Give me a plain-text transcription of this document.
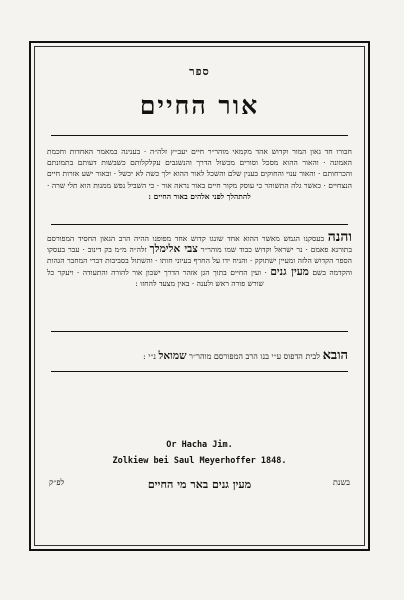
ספר
אור החיים
חבורו חד גאון המור וקדוש אהד מקמאי מוהר״ר חיים יעב״ץ זלה״ה · בענינה במאמר האחדות וחכמת האמונה · והאור ההוא מסכל וסורים מכשול הדרך והנשגבים עקלקלותם כשבשות דעותם בתמונתם והכרחותם · והאור ענוי והחוקים בענין שלם והשכל לאור ההוא ילך כשה לא יכשל · ובאור ישע אזרות חיים הנצחיים · כאשר גלה התשוהר כי עוסק מקור חיים באור נראה אור · כי השביל נפש ממנות הוא תלי שרה · להתהלך לפני אלהים באור החיים :
והנה בעסקנו הגמש מאשר ההוא אחד שונגו קדוש אחד מפופנו ההיה הרב הגאון החסיד המפורסם בתורנא פאמם · נר ישראל וקדוש כבוד שמו מוהר״ר צבי אלימלך זלה״ה מ״מ בק דינוב · עבר בעסקו הספר הקדוש הלזה ומעיין ישתוקק · והניח ידו על החרף בעיוני חותו · והשתול בסביבות דברי המחבר הגהות והקדמה בשם מעין גנים · ועין החיים בתוך הגן אזהר הדרך ישכון אור להורה והתעודה · ויעקר כל שורש פורה ראש ולענה · באין מצעד להחזו :
הובא לבית הדפוס ע״י בנו הרב המפורסם מוהר״ר שמואל נ״י :
Or Hacha Jim.
Zolkiew bei Saul Meyerhoffer 1848.
בשנת
מעין גנים באר מי החיים
לפ״ק
